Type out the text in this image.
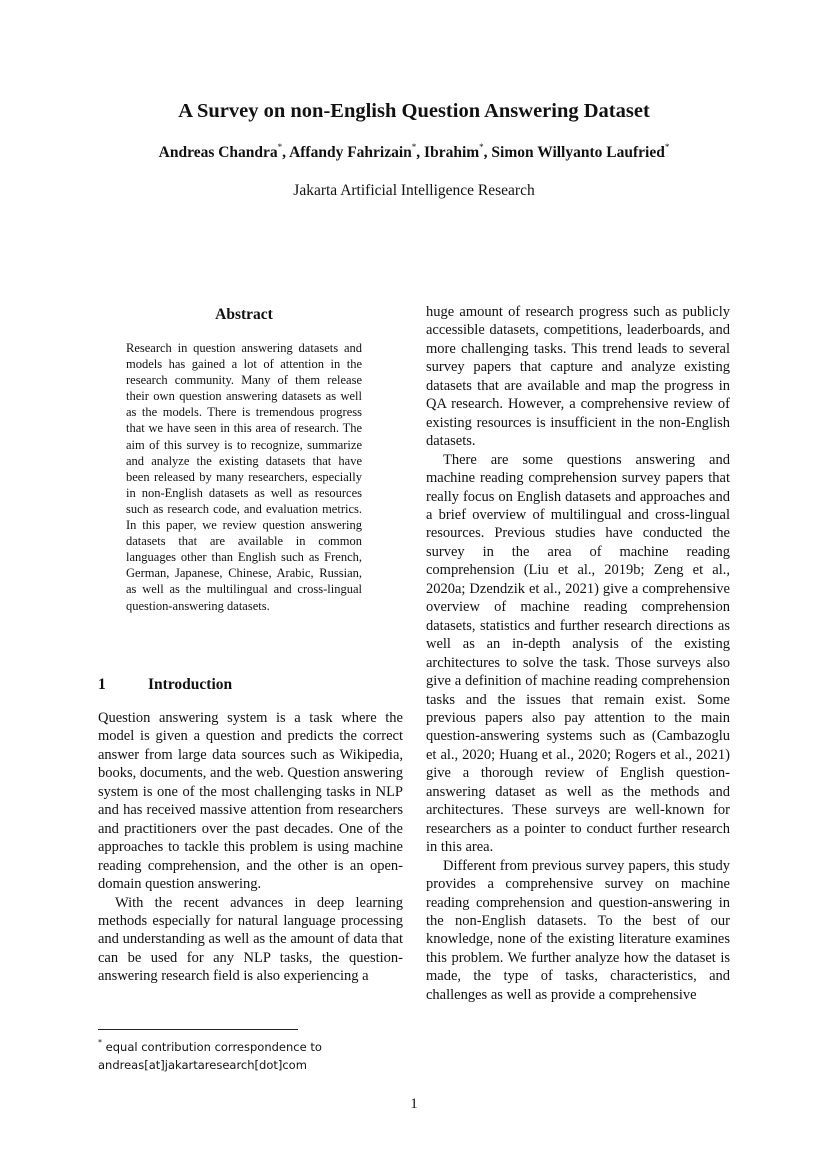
A Survey on non-English Question Answering Dataset
Andreas Chandra*, Affandy Fahrizain*, Ibrahim*, Simon Willyanto Laufried*
Jakarta Artificial Intelligence Research
Abstract

Research in question answering datasets and models has gained a lot of attention in the research community. Many of them release their own question answering datasets as well as the models. There is tremendous progress that we have seen in this area of research. The aim of this survey is to recognize, summarize and analyze the existing datasets that have been released by many researchers, especially in non-English datasets as well as resources such as research code, and evaluation metrics. In this paper, we review question answering datasets that are available in common languages other than English such as French, German, Japanese, Chinese, Arabic, Russian, as well as the multilingual and cross-lingual question-answering datasets.

1	Introduction

Question answering system is a task where the model is given a question and predicts the correct answer from large data sources such as Wikipedia, books, documents, and the web. Question answering system is one of the most challenging tasks in NLP and has received massive attention from researchers and practitioners over the past decades. One of the approaches to tackle this problem is using machine reading comprehension, and the other is an open-domain question answering.

With the recent advances in deep learning methods especially for natural language processing and understanding as well as the amount of data that can be used for any NLP tasks, the question-answering research field is also experiencing a

huge amount of research progress such as publicly accessible datasets, competitions, leaderboards, and more challenging tasks. This trend leads to several survey papers that capture and analyze existing datasets that are available and map the progress in QA research. However, a comprehensive review of existing resources is insufficient in the non-English datasets.

There are some questions answering and machine reading comprehension survey papers that really focus on English datasets and approaches and a brief overview of multilingual and cross-lingual resources. Previous studies have conducted the survey in the area of machine reading comprehension (Liu et al., 2019b; Zeng et al., 2020a; Dzendzik et al., 2021) give a comprehensive overview of machine reading comprehension datasets, statistics and further research directions as well as an in-depth analysis of the existing architectures to solve the task. Those surveys also give a definition of machine reading comprehension tasks and the issues that remain exist. Some previous papers also pay attention to the main question-answering systems such as (Cambazoglu et al., 2020; Huang et al., 2020; Rogers et al., 2021) give a thorough review of English question-answering dataset as well as the methods and architectures. These surveys are well-known for researchers as a pointer to conduct further research in this area.

Different from previous survey papers, this study provides a comprehensive survey on machine reading comprehension and question-answering in the non-English datasets. To the best of our knowledge, none of the existing literature examines this problem. We further analyze how the dataset is made, the type of tasks, characteristics, and challenges as well as provide a comprehensive

* equal contribution correspondence to
andreas[at]jakartaresearch[dot]com
1
